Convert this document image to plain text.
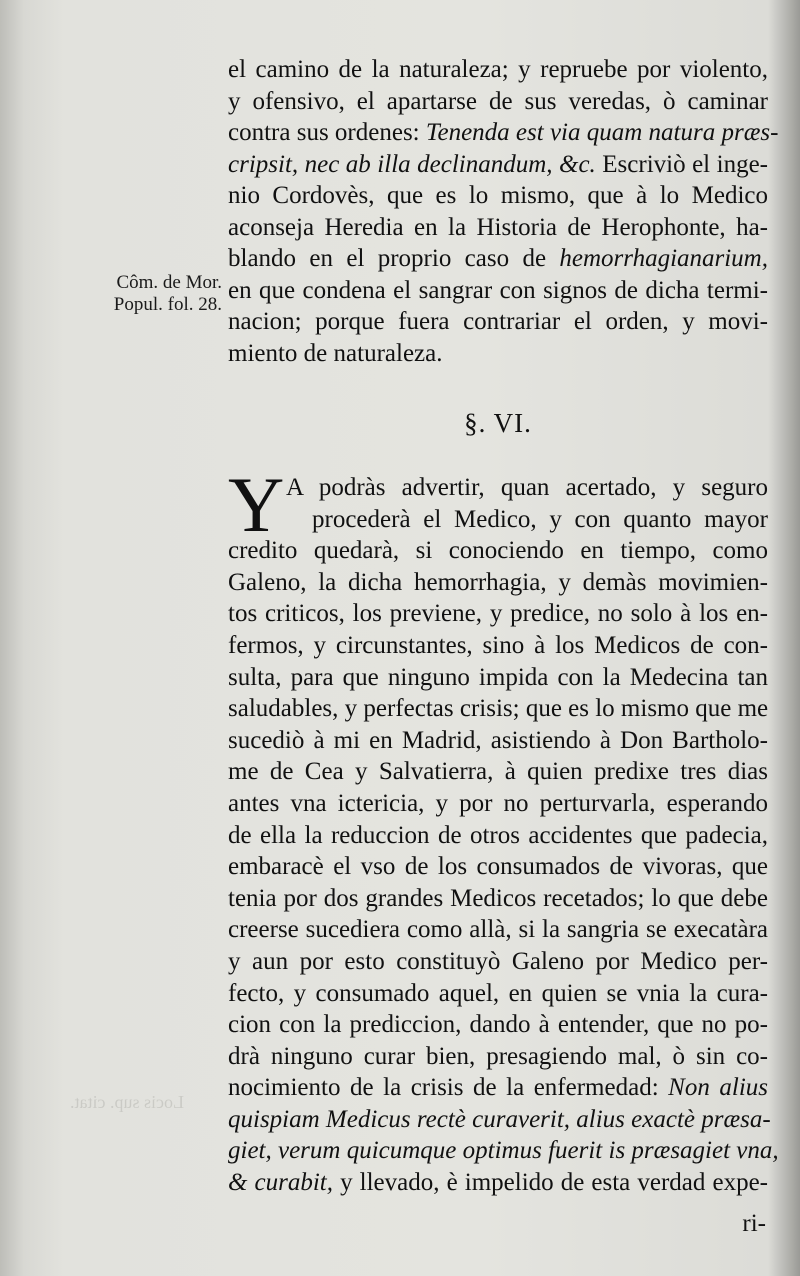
Locis sup. citat.
Côm. de Mor.
Popul. fol. 28.
el camino de la naturaleza; y repruebe por violento,
y ofensivo, el apartarse de sus veredas, ò caminar
contra sus ordenes: Tenenda est via quam natura præs-
cripsit, nec ab illa declinandum, &c. Escriviò el inge-
nio Cordovès, que es lo mismo, que à lo Medico
aconseja Heredia en la Historia de Herophonte, ha-
blando en el proprio caso de hemorrhagianarium,
en que condena el sangrar con signos de dicha termi-
nacion; porque fuera contrariar el orden, y movi-
miento de naturaleza.
§. VI.
Y A podràs advertir, quan acertado, y seguro
procederà el Medico, y con quanto mayor
credito quedarà, si conociendo en tiempo, como
Galeno, la dicha hemorrhagia, y demàs movimien-
tos criticos, los previene, y predice, no solo à los en-
fermos, y circunstantes, sino à los Medicos de con-
sulta, para que ninguno impida con la Medecina tan
saludables, y perfectas crisis; que es lo mismo que me
sucediò à mi en Madrid, asistiendo à Don Bartholo-
me de Cea y Salvatierra, à quien predixe tres dias
antes vna ictericia, y por no perturvarla, esperando
de ella la reduccion de otros accidentes que padecia,
embaracè el vso de los consumados de vivoras, que
tenia por dos grandes Medicos recetados; lo que debe
creerse sucediera como allà, si la sangria se execatàra
y aun por esto constituyò Galeno por Medico per-
fecto, y consumado aquel, en quien se vnia la cura-
cion con la prediccion, dando à entender, que no po-
drà ninguno curar bien, presagiendo mal, ò sin co-
nocimiento de la crisis de la enfermedad: Non alius
quispiam Medicus rectè curaverit, alius exactè præsa-
giet, verum quicumque optimus fuerit is præsagiet vna,
& curabit, y llevado, è impelido de esta verdad expe-
ri-
